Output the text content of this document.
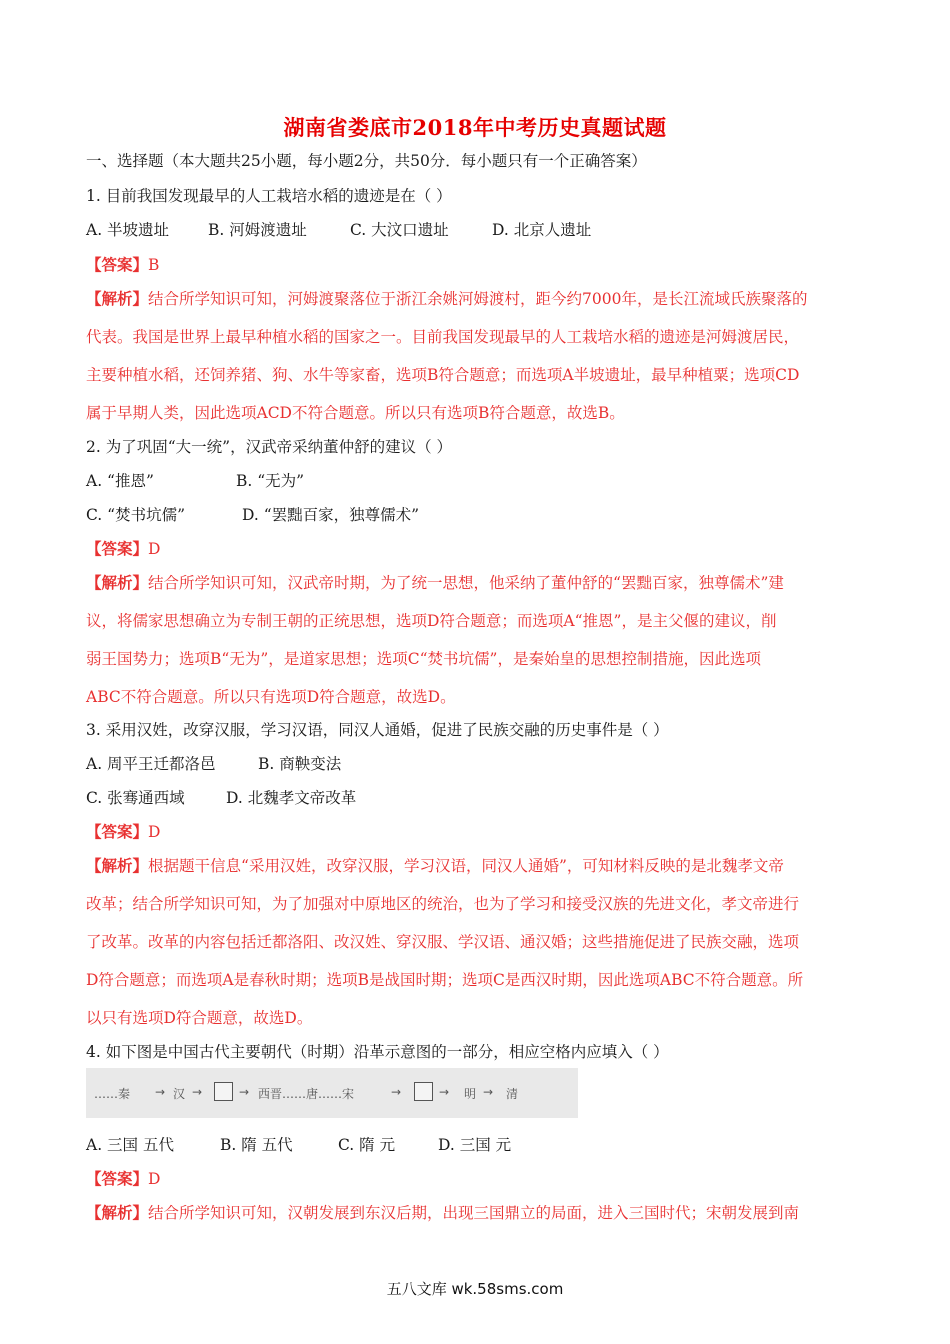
湖南省娄底市2018年中考历史真题试题
一、选择题（本大题共25小题，每小题2分，共50分．每小题只有一个正确答案）
1. 目前我国发现最早的人工栽培水稻的遗迹是在（ ）
A. 半坡遗址	B. 河姆渡遗址	C. 大汶口遗址	D. 北京人遗址
【答案】B
【解析】结合所学知识可知，河姆渡聚落位于浙江余姚河姆渡村，距今约7000年，是长江流域氏族聚落的
代表。我国是世界上最早种植水稻的国家之一。目前我国发现最早的人工栽培水稻的遗迹是河姆渡居民，
主要种植水稻，还饲养猪、狗、水牛等家畜，选项B符合题意；而选项A半坡遗址，最早种植粟；选项CD
属于早期人类，因此选项ACD不符合题意。所以只有选项B符合题意，故选B。
2. 为了巩固“大一统”，汉武帝采纳董仲舒的建议（ ）
A. “推恩”	B. “无为”
C. “焚书坑儒”	D. “罢黜百家，独尊儒术”
【答案】D
【解析】结合所学知识可知，汉武帝时期，为了统一思想，他采纳了董仲舒的“罢黜百家，独尊儒术”建
议，将儒家思想确立为专制王朝的正统思想，选项D符合题意；而选项A“推恩”，是主父偃的建议，削
弱王国势力；选项B“无为”，是道家思想；选项C“焚书坑儒”，是秦始皇的思想控制措施，因此选项
ABC不符合题意。所以只有选项D符合题意，故选D。
3. 采用汉姓，改穿汉服，学习汉语，同汉人通婚，促进了民族交融的历史事件是（ ）
A. 周平王迁都洛邑	B. 商鞅变法
C. 张骞通西域	D. 北魏孝文帝改革
【答案】D
【解析】根据题干信息“采用汉姓，改穿汉服，学习汉语，同汉人通婚”，可知材料反映的是北魏孝文帝
改革；结合所学知识可知，为了加强对中原地区的统治，也为了学习和接受汉族的先进文化，孝文帝进行
了改革。改革的内容包括迁都洛阳、改汉姓、穿汉服、学汉语、通汉婚；这些措施促进了民族交融，选项
D符合题意；而选项A是春秋时期；选项B是战国时期；选项C是西汉时期，因此选项ABC不符合题意。所
以只有选项D符合题意，故选D。
4. 如下图是中国古代主要朝代（时期）沿革示意图的一部分，相应空格内应填入（ ）
……秦 → 汉 →	→ 西晋……唐……宋	→	→ 明 → 清
A. 三国 五代	B. 隋 五代	C. 隋 元	D. 三国 元
【答案】D
【解析】结合所学知识可知，汉朝发展到东汉后期，出现三国鼎立的局面，进入三国时代；宋朝发展到南
五八文库 wk.58sms.com
